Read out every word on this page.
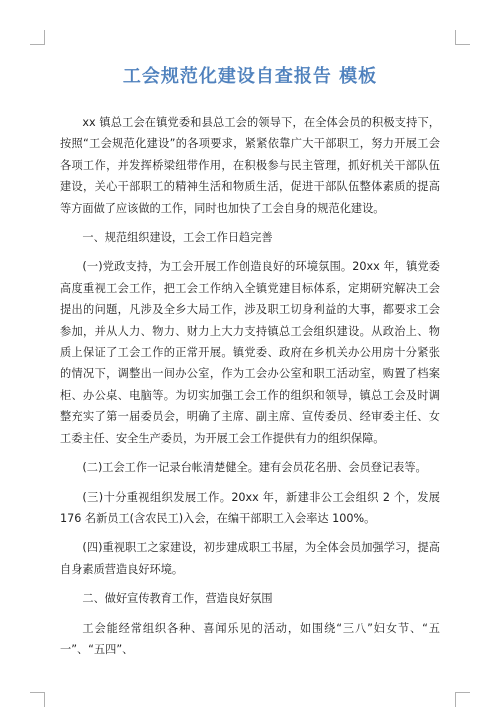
工会规范化建设自查报告 模板

xx 镇总工会在镇党委和县总工会的领导下，在全体会员的积极支持下，按照“工会规范化建设”的各项要求，紧紧依靠广大干部职工，努力开展工会各项工作，并发挥桥梁纽带作用，在积极参与民主管理，抓好机关干部队伍建设，关心干部职工的精神生活和物质生活，促进干部队伍整体素质的提高等方面做了应该做的工作，同时也加快了工会自身的规范化建设。

一、规范组织建设，工会工作日趋完善

(一)党政支持，为工会开展工作创造良好的环境氛围。20xx 年，镇党委高度重视工会工作，把工会工作纳入全镇党建目标体系，定期研究解决工会提出的问题，凡涉及全乡大局工作，涉及职工切身利益的大事，都要求工会参加，并从人力、物力、财力上大力支持镇总工会组织建设。从政治上、物质上保证了工会工作的正常开展。镇党委、政府在乡机关办公用房十分紧张的情况下，调整出一间办公室，作为工会办公室和职工活动室，购置了档案柜、办公桌、电脑等。为切实加强工会工作的组织和领导，镇总工会及时调整充实了第一届委员会，明确了主席、副主席、宣传委员、经审委主任、女工委主任、安全生产委员，为开展工会工作提供有力的组织保障。

(二)工会工作一记录台帐清楚健全。建有会员花名册、会员登记表等。

(三)十分重视组织发展工作。20xx 年，新建非公工会组织 2 个，发展 176 名新员工(含农民工)入会，在编干部职工入会率达 100%。

(四)重视职工之家建设，初步建成职工书屋，为全体会员加强学习，提高自身素质营造良好环境。

二、做好宣传教育工作，营造良好氛围

工会能经常组织各种、喜闻乐见的活动，如围绕“三八”妇女节、“五一”、“五四”、
